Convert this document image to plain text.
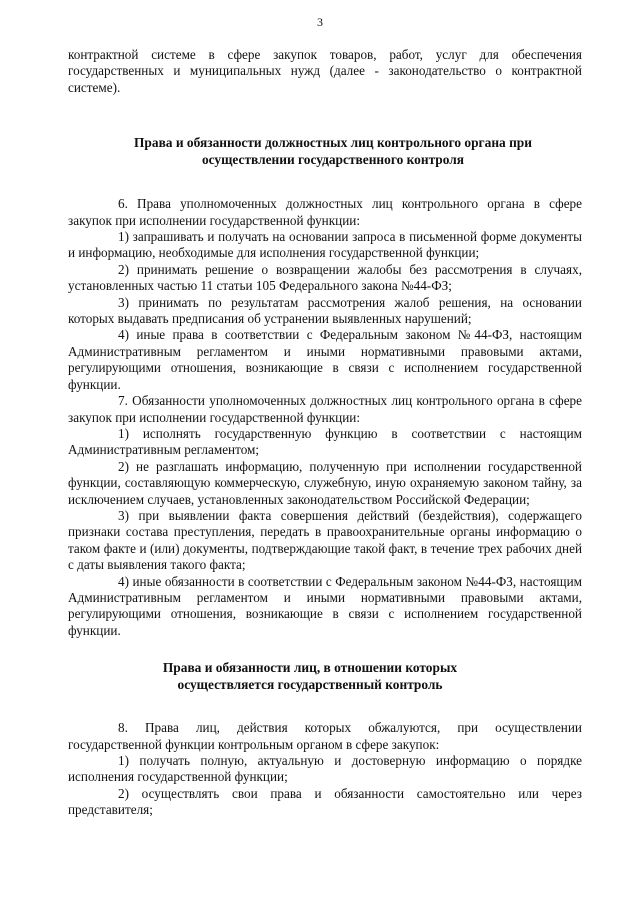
3

контрактной системе в сфере закупок товаров, работ, услуг для обеспечения государственных и муниципальных нужд (далее - законодательство о контрактной системе).

Права и обязанности должностных лиц контрольного органа при
осуществлении государственного контроля

6. Права уполномоченных должностных лиц контрольного органа в сфере закупок при исполнении государственной функции:

1) запрашивать и получать на основании запроса в письменной форме документы и информацию, необходимые для исполнения государственной функции;

2) принимать решение о возвращении жалобы без рассмотрения в случаях, установленных частью 11 статьи 105 Федерального закона №44-ФЗ;

3) принимать по результатам рассмотрения жалоб решения, на основании которых выдавать предписания об устранении выявленных нарушений;

4) иные права в соответствии с Федеральным законом №44-ФЗ, настоящим Административным регламентом и иными нормативными правовыми актами, регулирующими отношения, возникающие в связи с исполнением государственной функции.

7. Обязанности уполномоченных должностных лиц контрольного органа в сфере закупок при исполнении государственной функции:

1) исполнять государственную функцию в соответствии с настоящим Административным регламентом;

2) не разглашать информацию, полученную при исполнении государственной функции, составляющую коммерческую, служебную, иную охраняемую законом тайну, за исключением случаев, установленных законодательством Российской Федерации;

3) при выявлении факта совершения действий (бездействия), содержащего признаки состава преступления, передать в правоохранительные органы информацию о таком факте и (или) документы, подтверждающие такой факт, в течение трех рабочих дней с даты выявления такого факта;

4) иные обязанности в соответствии с Федеральным законом №44-ФЗ, настоящим Административным регламентом и иными нормативными правовыми актами, регулирующими отношения, возникающие в связи с исполнением государственной функции.

Права и обязанности лиц, в отношении которых
осуществляется государственный контроль

8. Права лиц, действия которых обжалуются, при осуществлении государственной функции контрольным органом в сфере закупок:

1) получать полную, актуальную и достоверную информацию о порядке исполнения государственной функции;

2) осуществлять свои права и обязанности самостоятельно или через представителя;
